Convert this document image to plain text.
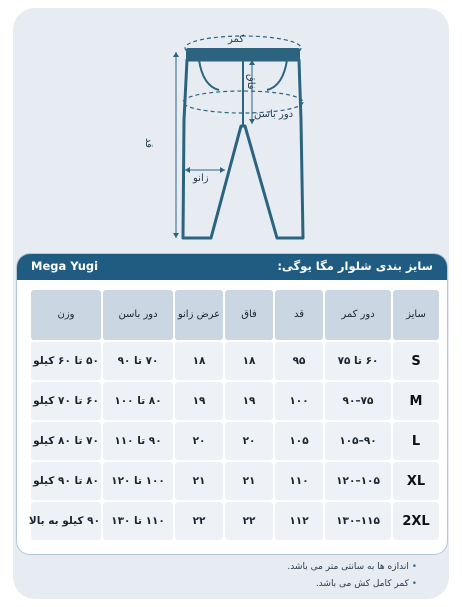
کمر
فاق
دور باسن
قد
زانو
Mega Yugi	سایز بندی شلوار مگا یوگی:
سایز	دور کمر	قد	فاق	عرض زانو	دور باسن	وزن
S	۶۰ تا ۷۵	۹۵	۱۸	۱۸	۷۰ تا ۹۰	۵۰ تا ۶۰ کیلو
M	۷۵–۹۰	۱۰۰	۱۹	۱۹	۸۰ تا ۱۰۰	۶۰ تا ۷۰ کیلو
L	۹۰–۱۰۵	۱۰۵	۲۰	۲۰	۹۰ تا ۱۱۰	۷۰ تا ۸۰ کیلو
XL	۱۰۵–۱۲۰	۱۱۰	۲۱	۲۱	۱۰۰ تا ۱۲۰	۸۰ تا ۹۰ کیلو
2XL	۱۱۵–۱۳۰	۱۱۲	۲۲	۲۲	۱۱۰ تا ۱۳۰	۹۰ کیلو به بالا
• اندازه ها به سانتی متر می باشد.
• کمر کامل کش می باشد.
